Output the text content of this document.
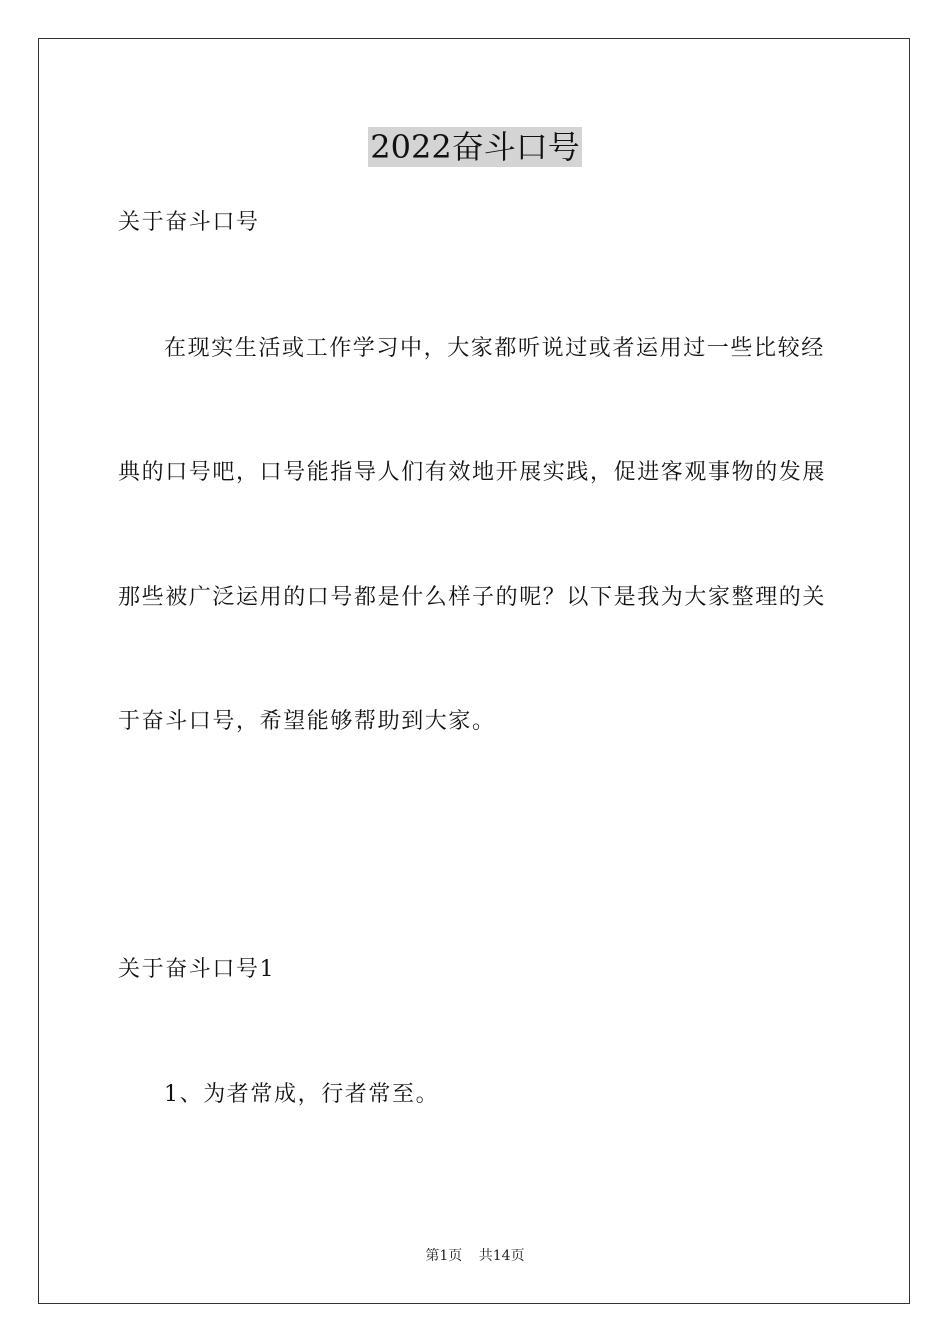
2022奋斗口号
关于奋斗口号
在现实生活或工作学习中，大家都听说过或者运用过一些比较经
典的口号吧，口号能指导人们有效地开展实践，促进客观事物的发展
那些被广泛运用的口号都是什么样子的呢？以下是我为大家整理的关
于奋斗口号，希望能够帮助到大家。
关于奋斗口号1
1、为者常成，行者常至。
第1页 共14页
